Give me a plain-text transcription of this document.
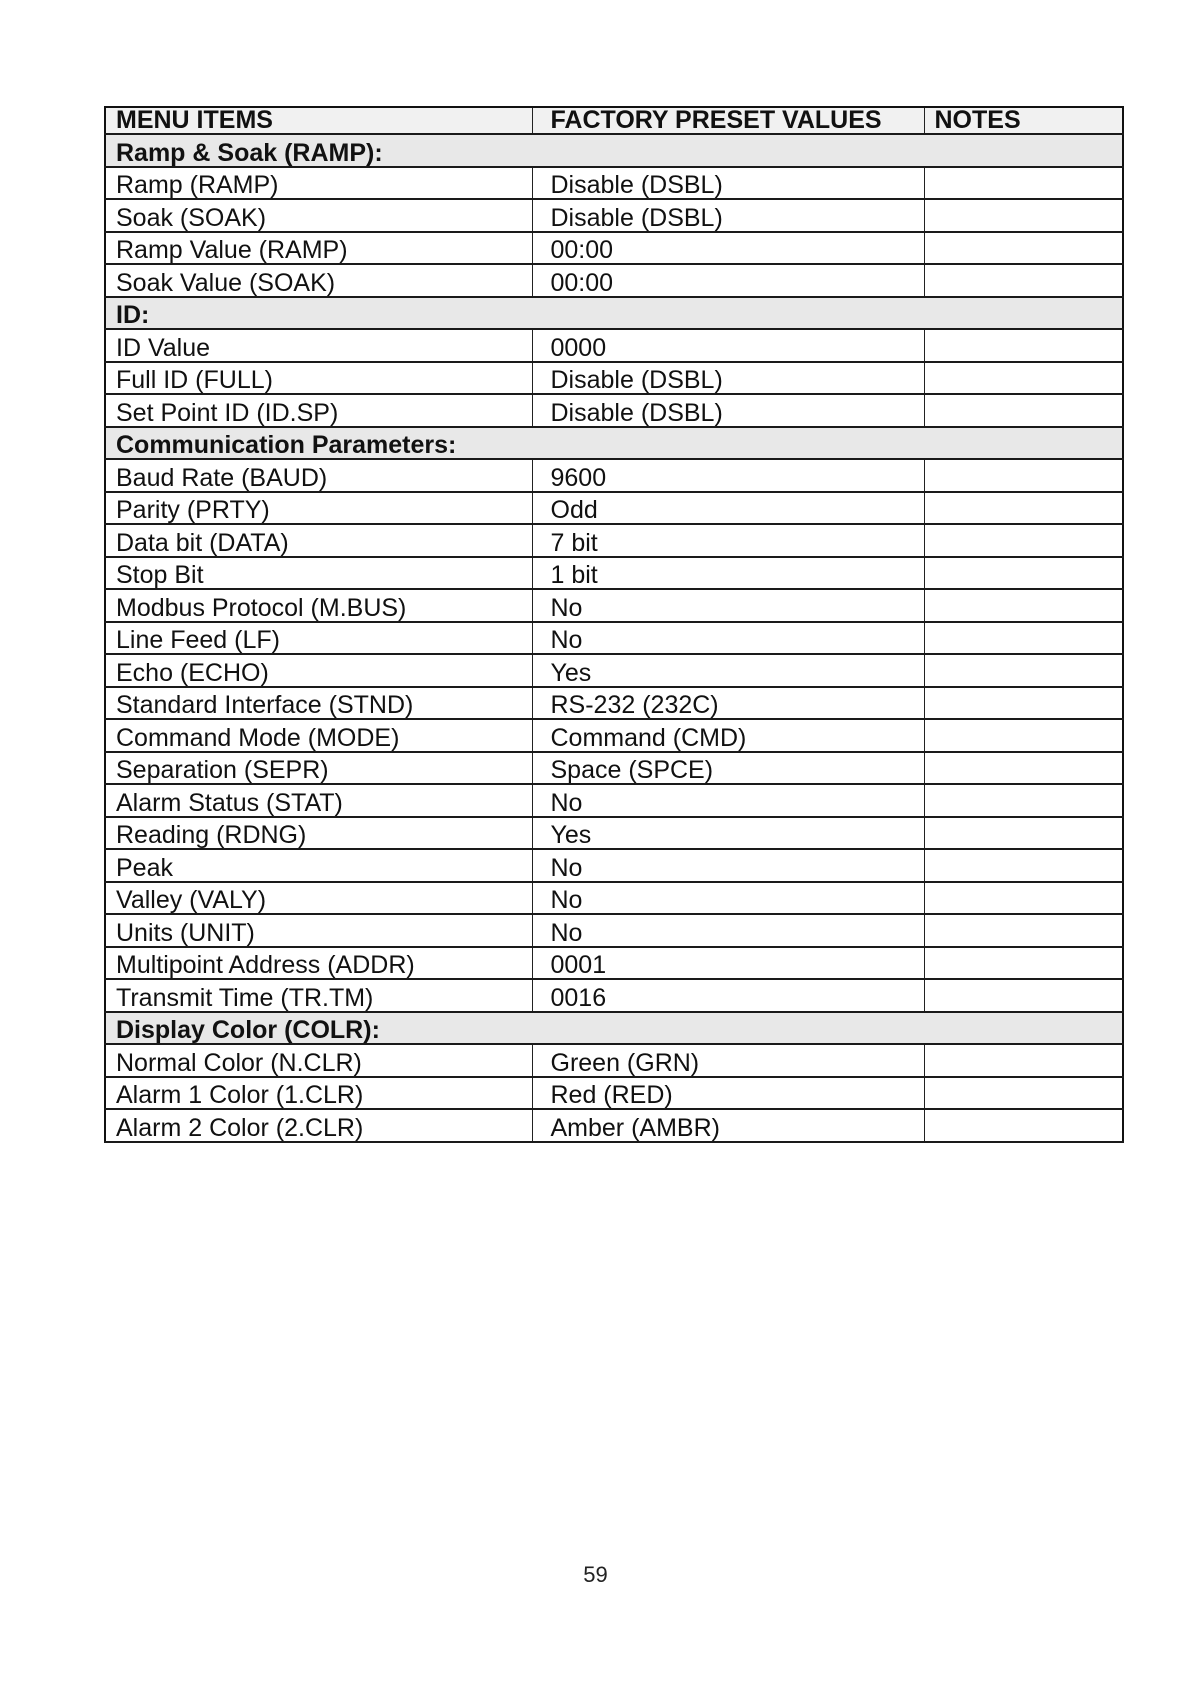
MENU ITEMS	FACTORY PRESET VALUES	NOTES
Ramp & Soak (RAMP):		
Ramp (RAMP)	Disable (DSBL)	
Soak (SOAK)	Disable (DSBL)	
Ramp Value (RAMP)	00:00	
Soak Value (SOAK)	00:00	
ID:		
ID Value	0000	
Full ID (FULL)	Disable (DSBL)	
Set Point ID (ID.SP)	Disable (DSBL)	
Communication Parameters:		
Baud Rate (BAUD)	9600	
Parity (PRTY)	Odd	
Data bit (DATA)	7 bit	
Stop Bit	1 bit	
Modbus Protocol (M.BUS)	No	
Line Feed (LF)	No	
Echo (ECHO)	Yes	
Standard Interface (STND)	RS-232 (232C)	
Command Mode (MODE)	Command (CMD)	
Separation (SEPR)	Space (SPCE)	
Alarm Status (STAT)	No	
Reading (RDNG)	Yes	
Peak	No	
Valley (VALY)	No	
Units (UNIT)	No	
Multipoint Address (ADDR)	0001	
Transmit Time (TR.TM)	0016	
Display Color (COLR):		
Normal Color (N.CLR)	Green (GRN)	
Alarm 1 Color (1.CLR)	Red (RED)	
Alarm 2 Color (2.CLR)	Amber (AMBR)	
59
